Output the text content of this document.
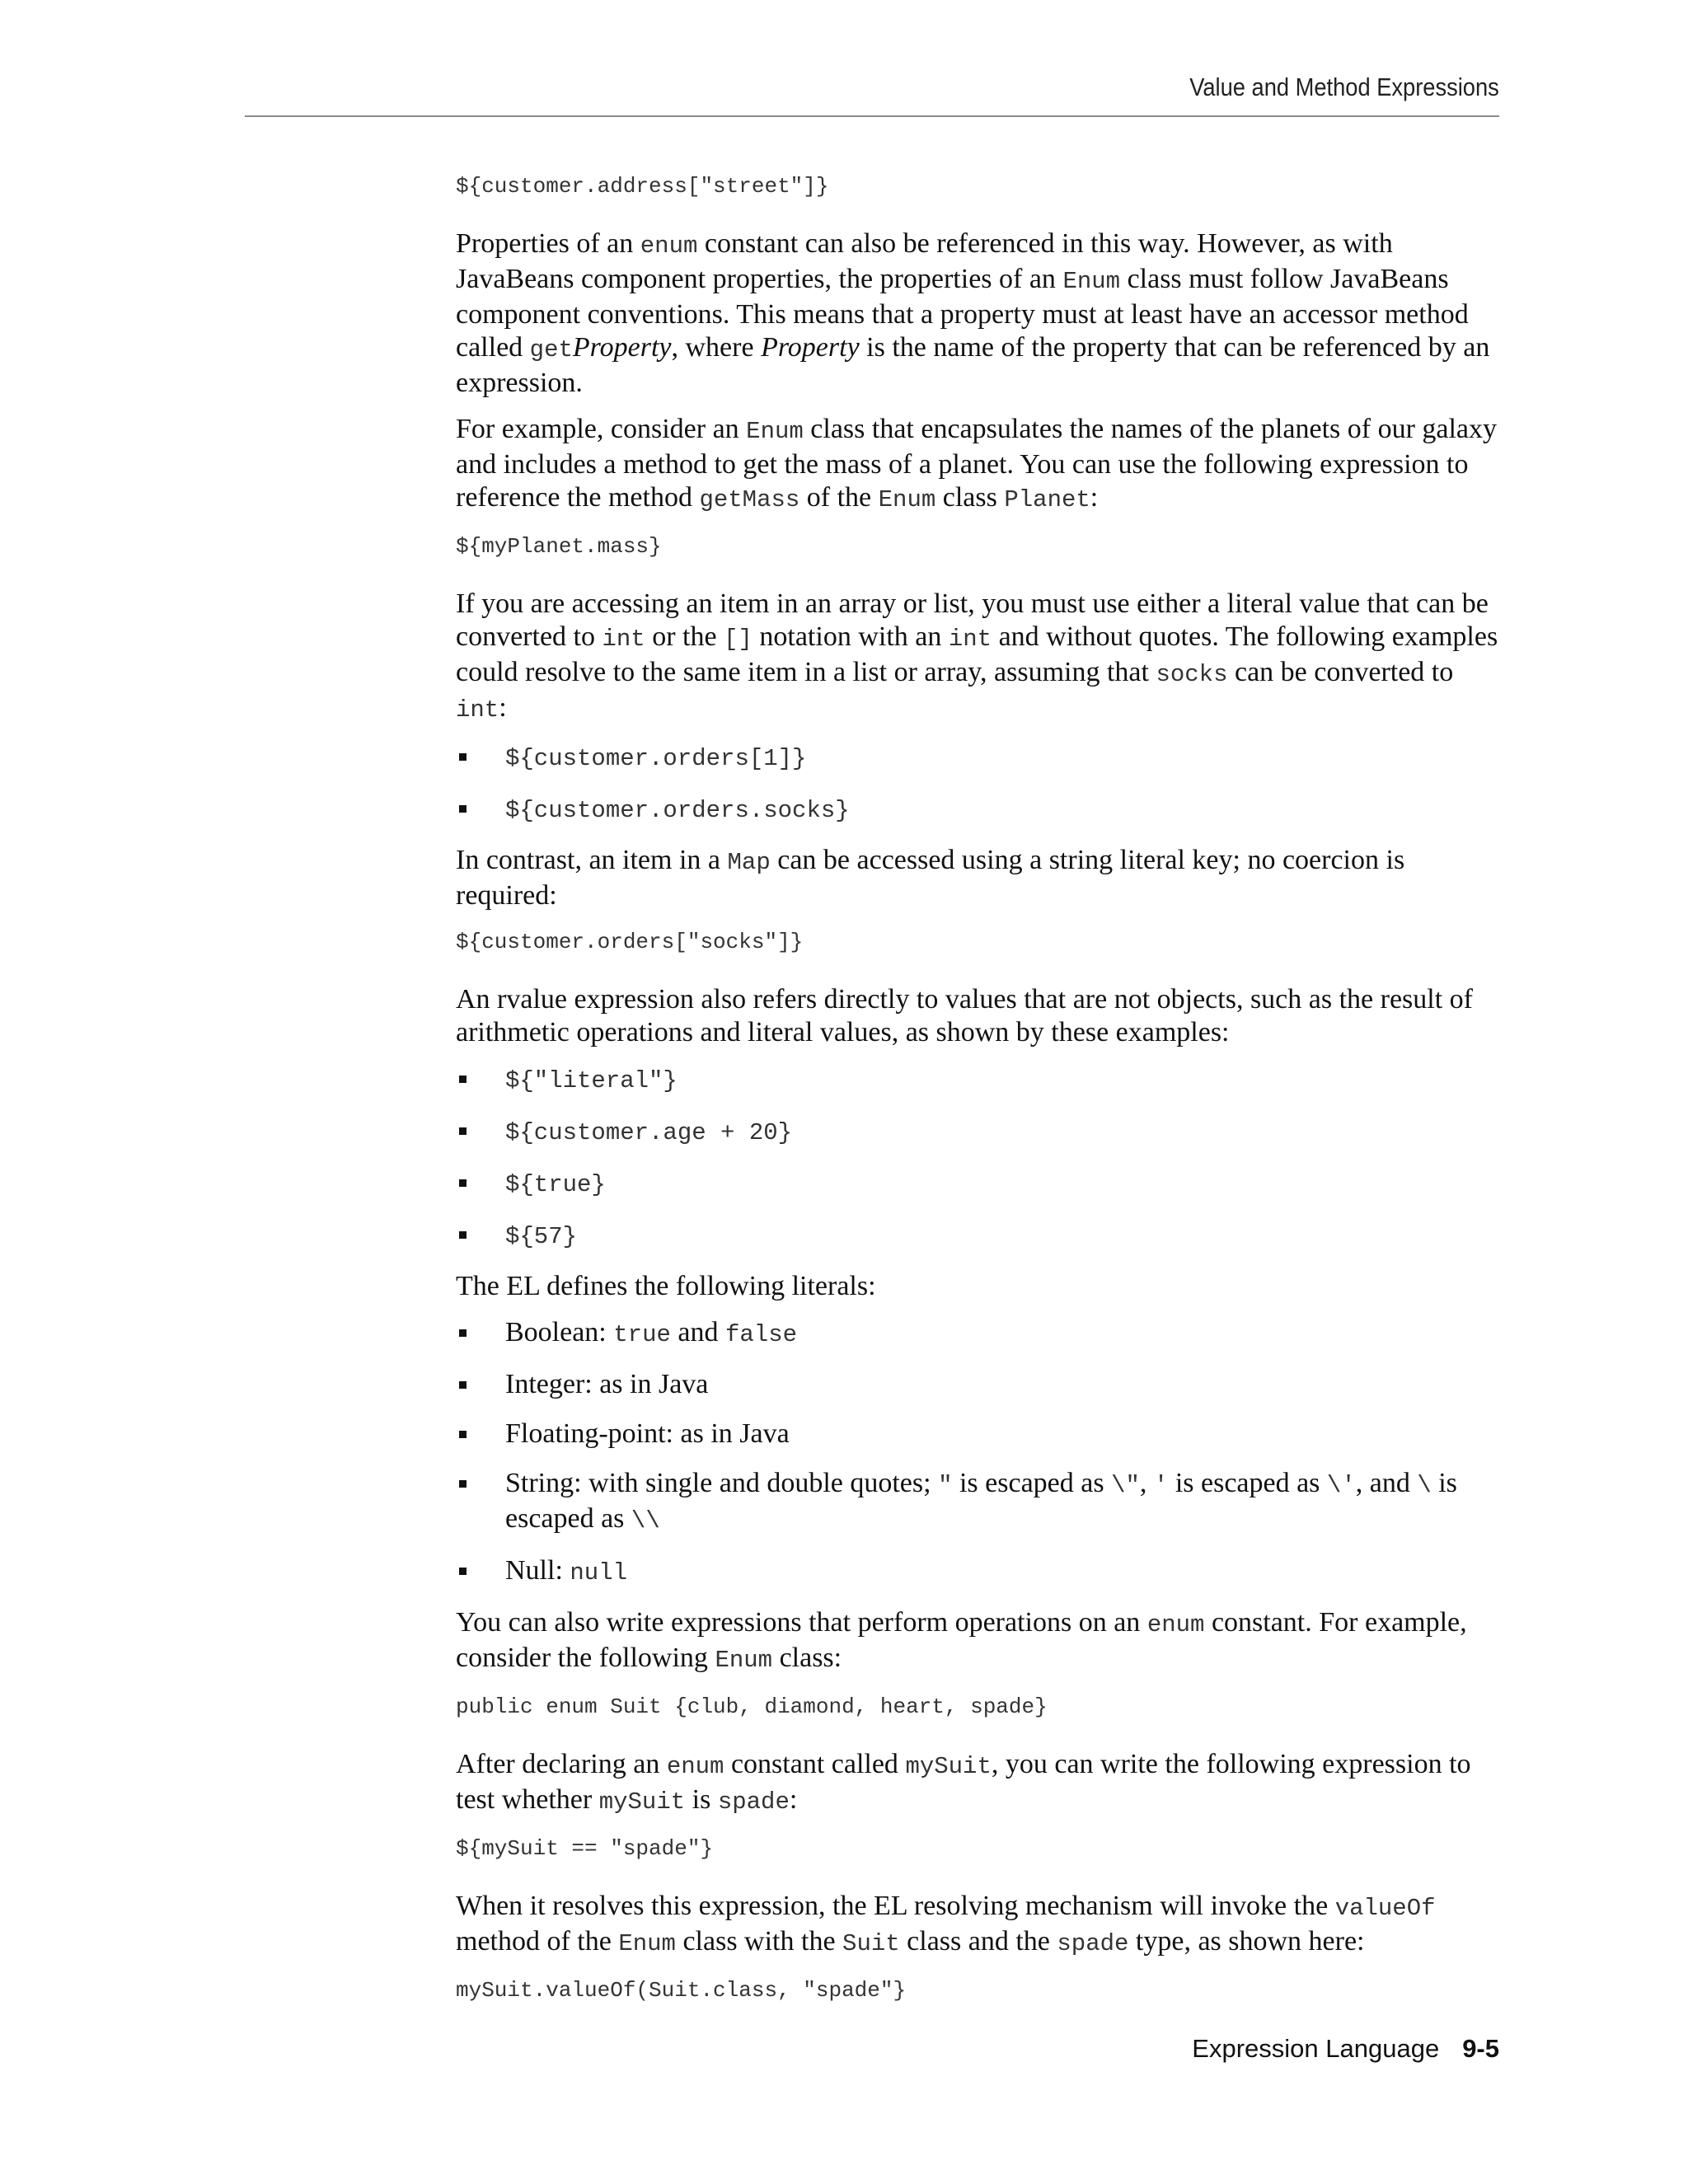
Value and Method Expressions
${customer.address["street"]}

Properties of an enum constant can also be referenced in this way. However, as with JavaBeans component properties, the properties of an Enum class must follow JavaBeans component conventions. This means that a property must at least have an accessor method called getProperty, where Property is the name of the property that can be referenced by an expression.

For example, consider an Enum class that encapsulates the names of the planets of our galaxy and includes a method to get the mass of a planet. You can use the following expression to reference the method getMass of the Enum class Planet:

${myPlanet.mass}

If you are accessing an item in an array or list, you must use either a literal value that can be converted to int or the [] notation with an int and without quotes. The following examples could resolve to the same item in a list or array, assuming that socks can be converted to int:

${customer.orders[1]}
${customer.orders.socks}

In contrast, an item in a Map can be accessed using a string literal key; no coercion is required:

${customer.orders["socks"]}

An rvalue expression also refers directly to values that are not objects, such as the result of arithmetic operations and literal values, as shown by these examples:

${"literal"}
${customer.age + 20}
${true}
${57}

The EL defines the following literals:

Boolean: true and false
Integer: as in Java
Floating-point: as in Java
String: with single and double quotes; " is escaped as \", ' is escaped as \', and \ is escaped as \\
Null: null

You can also write expressions that perform operations on an enum constant. For example, consider the following Enum class:

public enum Suit {club, diamond, heart, spade}

After declaring an enum constant called mySuit, you can write the following expression to test whether mySuit is spade:

${mySuit == "spade"}

When it resolves this expression, the EL resolving mechanism will invoke the valueOf method of the Enum class with the Suit class and the spade type, as shown here:

mySuit.valueOf(Suit.class, "spade"}
Expression Language 9-5
